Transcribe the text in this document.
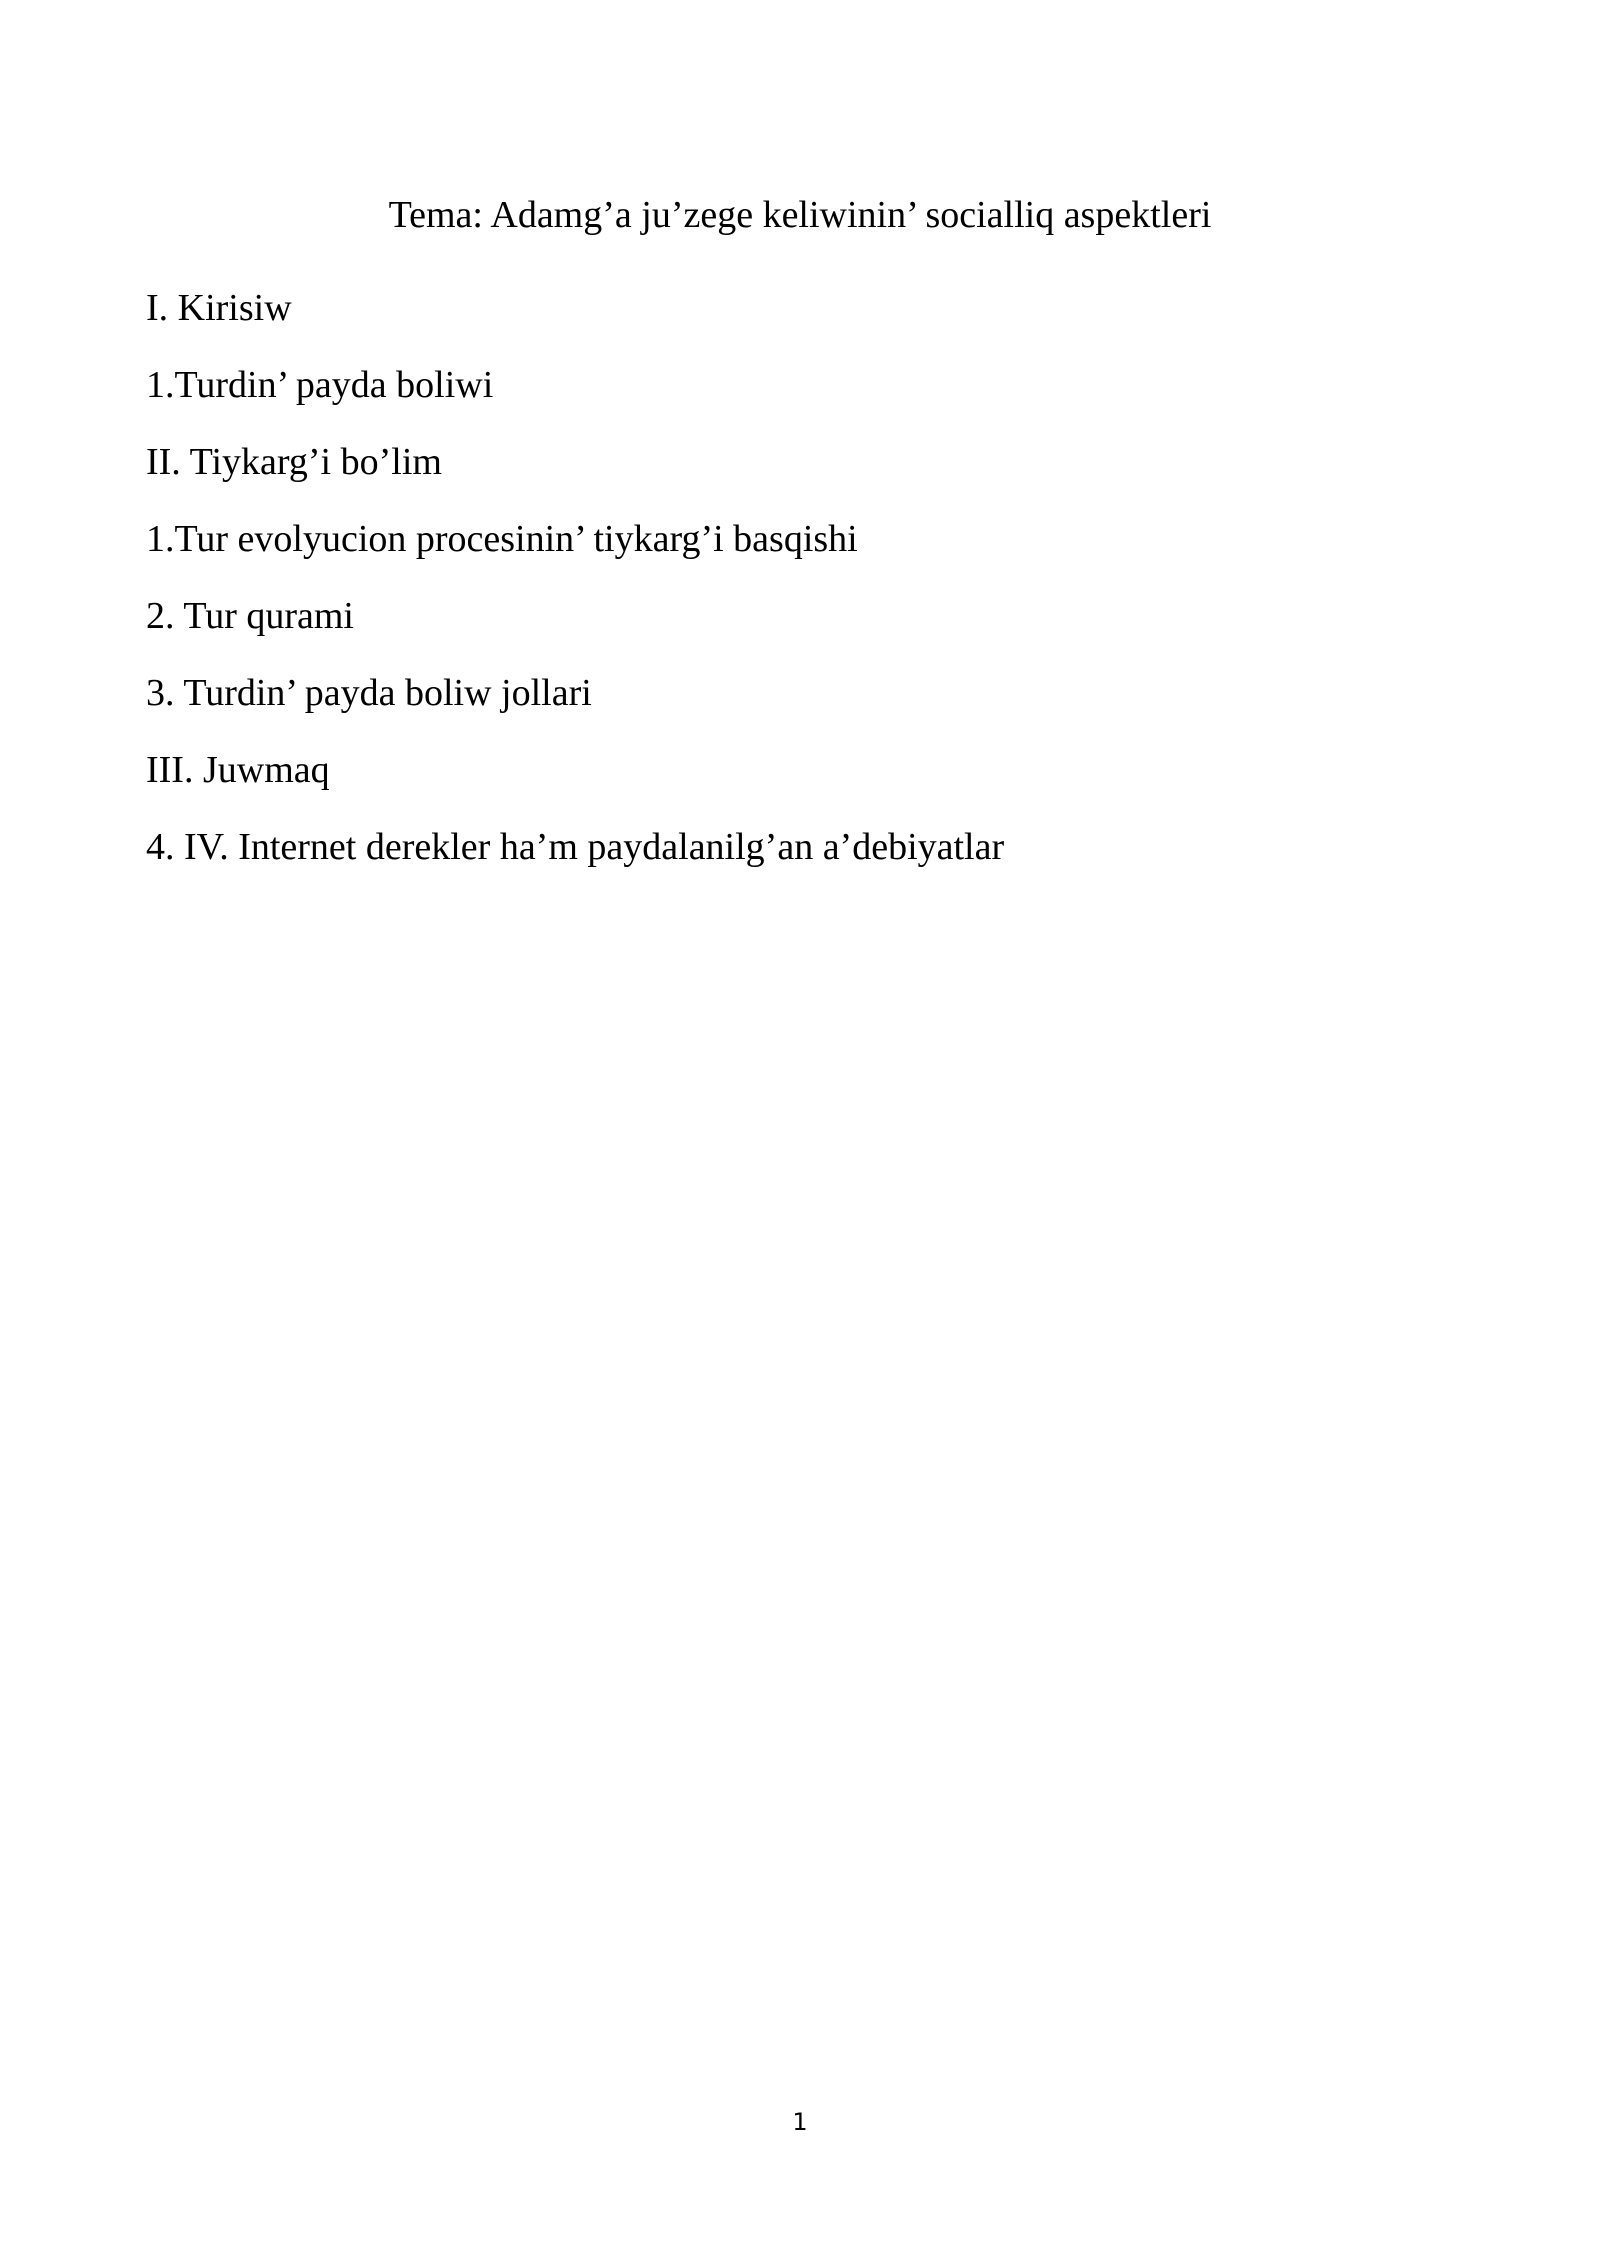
Tema: Adamg’a ju’zege keliwinin’ socialliq aspektleri
I. Kirisiw
1.Turdin’ payda boliwi
II. Tiykarg’i bo’lim
1.Tur evolyucion procesinin’ tiykarg’i basqishi
2. Tur qurami
3. Turdin’ payda boliw jollari
III. Juwmaq
4. IV. Internet derekler ha’m paydalanilg’an a’debiyatlar
1
